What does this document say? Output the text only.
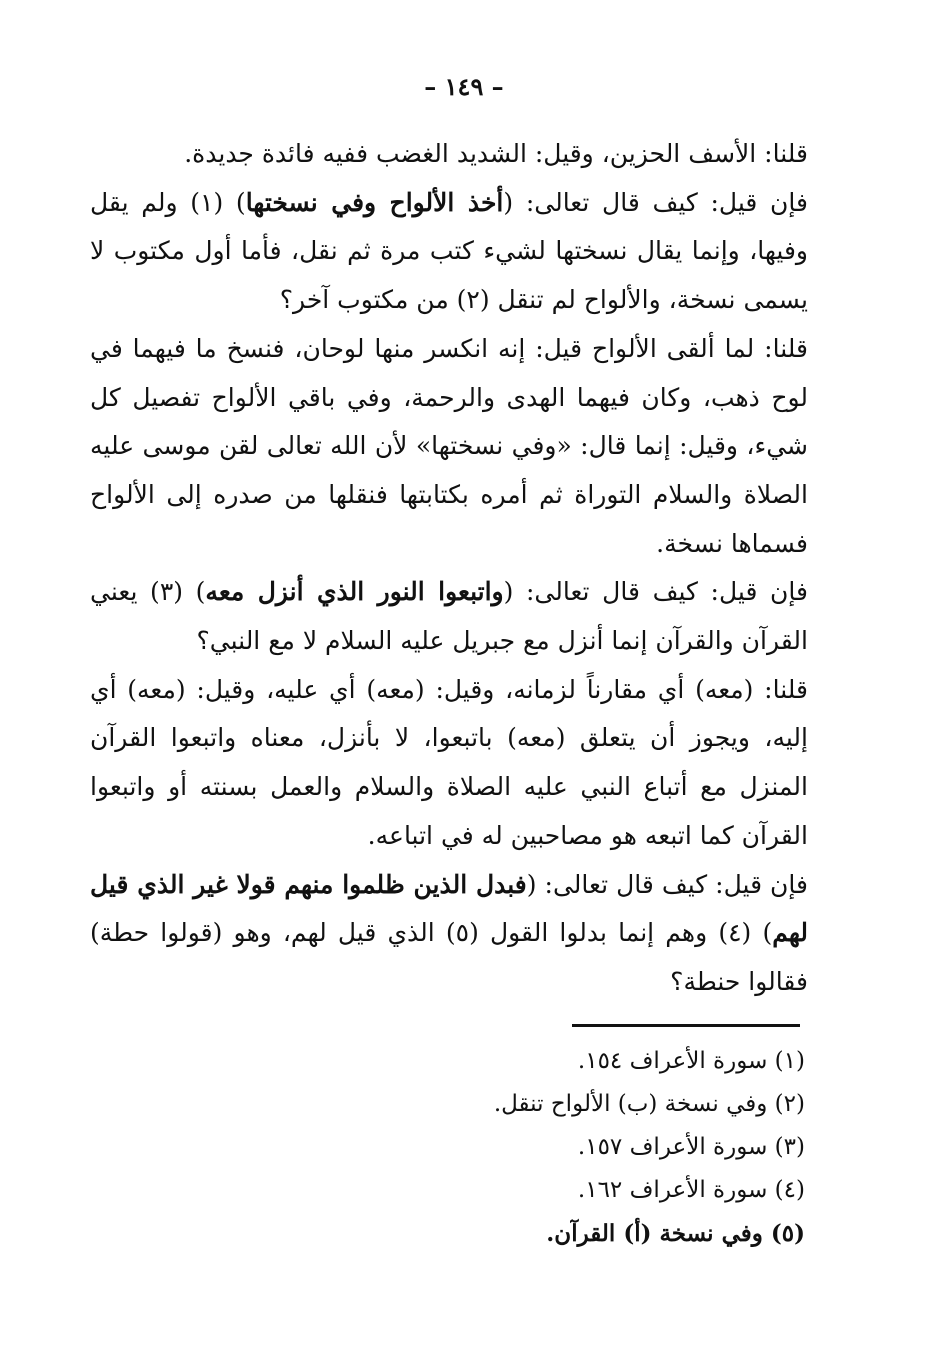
– ١٤٩ –

قلنا: الأسف الحزين، وقيل: الشديد الغضب ففيه فائدة جديدة.

فإن قيل: كيف قال تعالى: (أخذ الألواح وفي نسختها) (١) ولم يقل وفيها، وإنما يقال نسختها لشيء كتب مرة ثم نقل، فأما أول مكتوب لا يسمى نسخة، والألواح لم تنقل (٢) من مكتوب آخر؟

قلنا: لما ألقى الألواح قيل: إنه انكسر منها لوحان، فنسخ ما فيهما في لوح ذهب، وكان فيهما الهدى والرحمة، وفي باقي الألواح تفصيل كل شيء، وقيل: إنما قال: «وفي نسختها» لأن الله تعالى لقن موسى عليه الصلاة والسلام التوراة ثم أمره بكتابتها فنقلها من صدره إلى الألواح فسماها نسخة.

فإن قيل: كيف قال تعالى: (واتبعوا النور الذي أنزل معه) (٣) يعني القرآن والقرآن إنما أنزل مع جبريل عليه السلام لا مع النبي؟

قلنا: (معه) أي مقارناً لزمانه، وقيل: (معه) أي عليه، وقيل: (معه) أي إليه، ويجوز أن يتعلق (معه) باتبعوا، لا بأنزل، معناه واتبعوا القرآن المنزل مع أتباع النبي عليه الصلاة والسلام والعمل بسنته أو واتبعوا القرآن كما اتبعه هو مصاحبين له في اتباعه.

فإن قيل: كيف قال تعالى: (فبدل الذين ظلموا منهم قولا غير الذي قيل لهم) (٤) وهم إنما بدلوا القول (٥) الذي قيل لهم، وهو (قولوا حطة) فقالوا حنطة؟

(١) سورة الأعراف ١٥٤.

(٢) وفي نسخة (ب) الألواح تنقل.

(٣) سورة الأعراف ١٥٧.

(٤) سورة الأعراف ١٦٢.

(٥) وفي نسخة (أ) القرآن.
